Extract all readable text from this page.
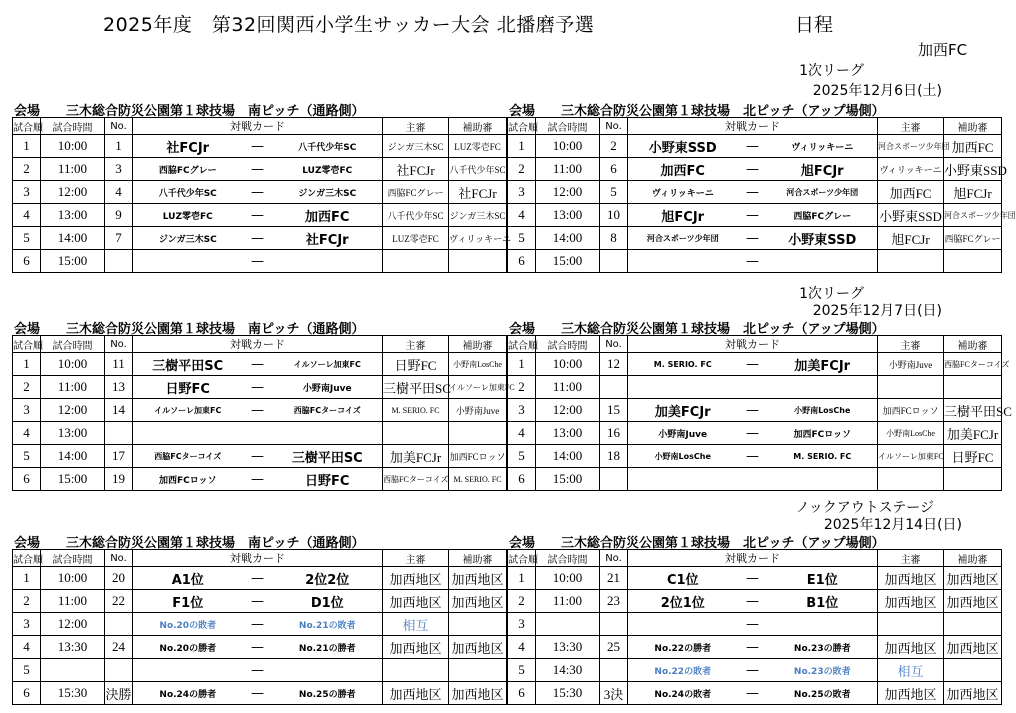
2025年度　第32回関西小学生サッカー大会 北播磨予選	日程
加西FC
1次リーグ
2025年12月6日(土)
会場　　三木総合防災公園第１球技場　南ピッチ（通路側）
試合順	試合時間	No.	対戦カード			主審	補助審
1	10:00	1	社FCJr	—	八千代少年SC	ジンガ三木SC	LUZ零壱FC
2	11:00	3	西脇FCグレー	—	LUZ零壱FC	社FCJr	八千代少年SC
3	12:00	4	八千代少年SC	—	ジンガ三木SC	西脇FCグレー	社FCJr
4	13:00	9	LUZ零壱FC	—	加西FC	八千代少年SC	ジンガ三木SC
5	14:00	7	ジンガ三木SC	—	社FCJr	LUZ零壱FC	ヴィリッキーニ
6	15:00			—			
会場　　三木総合防災公園第１球技場　北ピッチ（アップ場側）
試合順	試合時間	No.	対戦カード			主審	補助審
1	10:00	2	小野東SSD	—	ヴィリッキーニ	河合スポーツ少年団	加西FC
2	11:00	6	加西FC	—	旭FCJr	ヴィリッキーニ	小野東SSD
3	12:00	5	ヴィリッキーニ	—	河合スポーツ少年団	加西FC	旭FCJr
4	13:00	10	旭FCJr	—	西脇FCグレー	小野東SSD	河合スポーツ少年団
5	14:00	8	河合スポーツ少年団	—	小野東SSD	旭FCJr	西脇FCグレー
6	15:00			—			
1次リーグ
2025年12月7日(日)
会場　　三木総合防災公園第１球技場　南ピッチ（通路側）
試合順	試合時間	No.	対戦カード			主審	補助審
1	10:00	11	三樹平田SC	—	イルソーレ加東FC	日野FC	小野南LosChe
2	11:00	13	日野FC	—	小野南Juve	三樹平田SC	イルソーレ加東FC
3	12:00	14	イルソーレ加東FC	—	西脇FCターコイズ	M. SERIO. FC	小野南Juve
4	13:00						
5	14:00	17	西脇FCターコイズ	—	三樹平田SC	加美FCJr	加西FCロッソ
6	15:00	19	加西FCロッソ	—	日野FC	西脇FCターコイズ	M. SERIO. FC
会場　　三木総合防災公園第１球技場　北ピッチ（アップ場側）
試合順	試合時間	No.	対戦カード			主審	補助審
1	10:00	12	M. SERIO. FC	—	加美FCJr	小野南Juve	西脇FCターコイズ
2	11:00						
3	12:00	15	加美FCJr	—	小野南LosChe	加西FCロッソ	三樹平田SC
4	13:00	16	小野南Juve	—	加西FCロッソ	小野南LosChe	加美FCJr
5	14:00	18	小野南LosChe	—	M. SERIO. FC	イルソーレ加東FC	日野FC
6	15:00						
ノックアウトステージ
2025年12月14日(日)
会場　　三木総合防災公園第１球技場　南ピッチ（通路側）
試合順	試合時間	No.	対戦カード			主審	補助審
1	10:00	20	A1位	—	2位2位	加西地区	加西地区
2	11:00	22	F1位	—	D1位	加西地区	加西地区
3	12:00		No.20の敗者	—	No.21の敗者	相互	
4	13:30	24	No.20の勝者	—	No.21の勝者	加西地区	加西地区
5				—			
6	15:30	決勝	No.24の勝者	—	No.25の勝者	加西地区	加西地区
会場　　三木総合防災公園第１球技場　北ピッチ（アップ場側）
試合順	試合時間	No.	対戦カード			主審	補助審
1	10:00	21	C1位	—	E1位	加西地区	加西地区
2	11:00	23	2位1位	—	B1位	加西地区	加西地区
3				—			
4	13:30	25	No.22の勝者	—	No.23の勝者	加西地区	加西地区
5	14:30		No.22の敗者	—	No.23の敗者	相互	
6	15:30	3決	No.24の敗者	—	No.25の敗者	加西地区	加西地区
